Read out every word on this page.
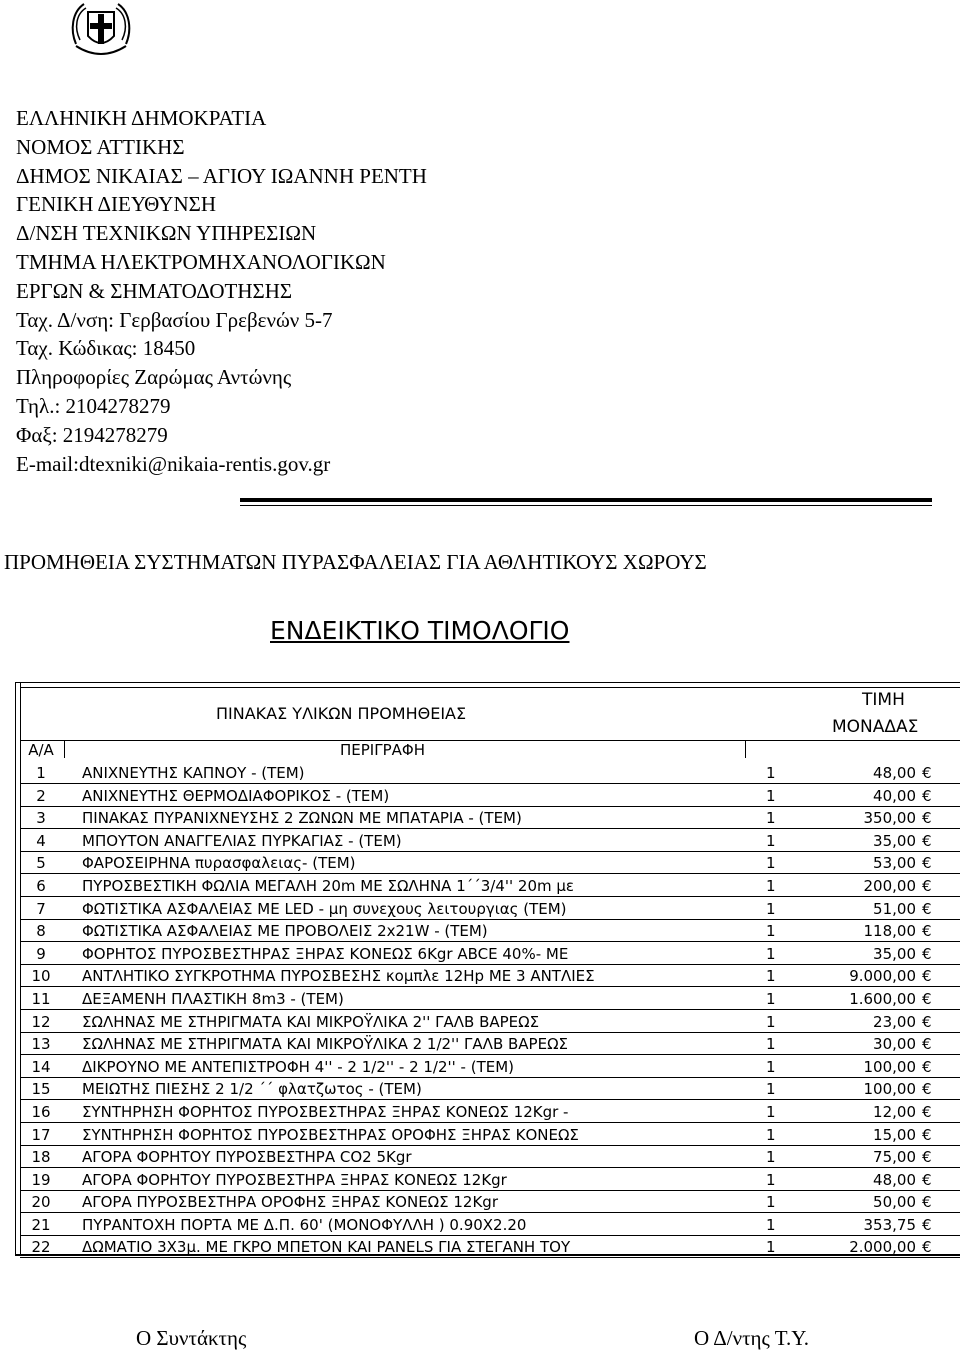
ΕΛΛΗΝΙΚΗ ΔΗΜΟΚΡΑΤΙΑ
ΝΟΜΟΣ ΑΤΤΙΚΗΣ
ΔΗΜΟΣ ΝΙΚΑΙΑΣ – ΑΓΙΟΥ ΙΩΑΝΝΗ ΡΕΝΤΗ
ΓΕΝΙΚΗ ΔΙΕΥΘΥΝΣΗ
Δ/ΝΣΗ ΤΕΧΝΙΚΩΝ ΥΠΗΡΕΣΙΩΝ
ΤΜΗΜΑ ΗΛΕΚΤΡΟΜΗΧΑΝΟΛΟΓΙΚΩΝ
ΕΡΓΩΝ & ΣΗΜΑΤΟΔΟΤΗΣΗΣ
Ταχ. Δ/νση: Γερβασίου Γρεβενών 5-7
Ταχ. Κώδικας: 18450
Πληροφορίες Ζαρώμας Αντώνης
Τηλ.: 2104278279
Φαξ: 2194278279
E-mail:dtexniki@nikaia-rentis.gov.gr
ΠΡΟΜΗΘΕΙΑ ΣΥΣΤΗΜΑΤΩΝ ΠΥΡΑΣΦΑΛΕΙΑΣ ΓΙΑ ΑΘΛΗΤΙΚΟΥΣ ΧΩΡΟΥΣ
ΕΝΔΕΙΚΤΙΚΟ ΤΙΜΟΛΟΓΙΟ
ΠΙΝΑΚΑΣ ΥΛΙΚΩΝ ΠΡΟΜΗΘΕΙΑΣ
ΤΙΜΗ
ΜΟΝΑΔΑΣ
Α/Α	ΠΕΡΙΓΡΑΦΗ
1	ΑΝΙΧΝΕΥΤΗΣ ΚΑΠΝΟΥ - (ΤΕΜ)	1	48,00 €
2	ΑΝΙΧΝΕΥΤΗΣ ΘΕΡΜΟΔΙΑΦΟΡΙΚΟΣ - (ΤΕΜ)	1	40,00 €
3	ΠΙΝΑΚΑΣ ΠΥΡΑΝΙΧΝΕΥΣΗΣ 2 ΖΩΝΩΝ ΜΕ ΜΠΑΤΑΡΙΑ - (ΤΕΜ)	1	350,00 €
4	ΜΠΟΥΤΟΝ ΑΝΑΓΓΕΛΙΑΣ ΠΥΡΚΑΓΙΑΣ - (ΤΕΜ)	1	35,00 €
5	ΦΑΡΟΣΕΙΡΗΝΑ πυρασφαλειας- (ΤΕΜ)	1	53,00 €
6	ΠΥΡΟΣΒΕΣΤΙΚΗ ΦΩΛΙΑ ΜΕΓΑΛΗ 20m ΜΕ ΣΩΛΗΝΑ 1΄΄3/4'' 20m με	1	200,00 €
7	ΦΩΤΙΣΤΙΚΑ ΑΣΦΑΛΕΙΑΣ ΜΕ LED - μη συνεχους λειτουργιας (ΤΕΜ)	1	51,00 €
8	ΦΩΤΙΣΤΙΚΑ ΑΣΦΑΛΕΙΑΣ ΜΕ ΠΡΟΒΟΛΕΙΣ 2x21W - (ΤΕΜ)	1	118,00 €
9	ΦΟΡΗΤΟΣ ΠΥΡΟΣΒΕΣΤΗΡΑΣ ΞΗΡΑΣ ΚΟΝΕΩΣ 6Kgr ABCE 40%- ΜΕ	1	35,00 €
10	ΑΝΤΛΗΤΙΚΟ ΣΥΓΚΡΟΤΗΜΑ ΠΥΡΟΣΒΕΣΗΣ κομπλε 12Hp ΜΕ 3 ΑΝΤΛΙΕΣ	1	9.000,00 €
11	ΔΕΞΑΜΕΝΗ ΠΛΑΣΤΙΚΗ 8m3 - (ΤΕΜ)	1	1.600,00 €
12	ΣΩΛΗΝΑΣ ΜΕ ΣΤΗΡΙΓΜΑΤΑ ΚΑΙ ΜΙΚΡΟΫΛΙΚΑ 2'' ΓΑΛΒ ΒΑΡΕΩΣ	1	23,00 €
13	ΣΩΛΗΝΑΣ ΜΕ ΣΤΗΡΙΓΜΑΤΑ ΚΑΙ ΜΙΚΡΟΫΛΙΚΑ 2 1/2'' ΓΑΛΒ ΒΑΡΕΩΣ	1	30,00 €
14	ΔΙΚΡΟΥΝΟ ΜΕ ΑΝΤΕΠΙΣΤΡΟΦΗ 4'' - 2 1/2'' - 2 1/2'' - (ΤΕΜ)	1	100,00 €
15	ΜΕΙΩΤΗΣ ΠΙΕΣΗΣ 2 1/2 ΄΄ φλατζωτος - (ΤΕΜ)	1	100,00 €
16	ΣΥΝΤΗΡΗΣΗ ΦΟΡΗΤΟΣ ΠΥΡΟΣΒΕΣΤΗΡΑΣ ΞΗΡΑΣ ΚΟΝΕΩΣ 12Kgr -	1	12,00 €
17	ΣΥΝΤΗΡΗΣΗ ΦΟΡΗΤΟΣ ΠΥΡΟΣΒΕΣΤΗΡΑΣ ΟΡΟΦΗΣ ΞΗΡΑΣ ΚΟΝΕΩΣ	1	15,00 €
18	ΑΓΟΡΑ ΦΟΡΗΤΟΥ ΠΥΡΟΣΒΕΣΤΗΡΑ CO2 5Kgr	1	75,00 €
19	ΑΓΟΡΑ ΦΟΡΗΤΟΥ ΠΥΡΟΣΒΕΣΤΗΡΑ ΞΗΡΑΣ ΚΟΝΕΩΣ 12Kgr	1	48,00 €
20	ΑΓΟΡΑ ΠΥΡΟΣΒΕΣΤΗΡΑ ΟΡΟΦΗΣ ΞΗΡΑΣ ΚΟΝΕΩΣ 12Kgr	1	50,00 €
21	ΠΥΡΑΝΤΟΧΗ ΠΟΡΤΑ ΜΕ Δ.Π. 60' (ΜΟΝΟΦΥΛΛΗ ) 0.90Χ2.20	1	353,75 €
22	ΔΩΜΑΤΙΟ 3Χ3μ. ΜΕ ΓΚΡΟ ΜΠΕΤΟΝ ΚΑΙ PANELS ΓΙΑ ΣΤΕΓΑΝΗ ΤΟΥ	1	2.000,00 €
Ο Συντάκτης	Ο Δ/ντης Τ.Υ.
